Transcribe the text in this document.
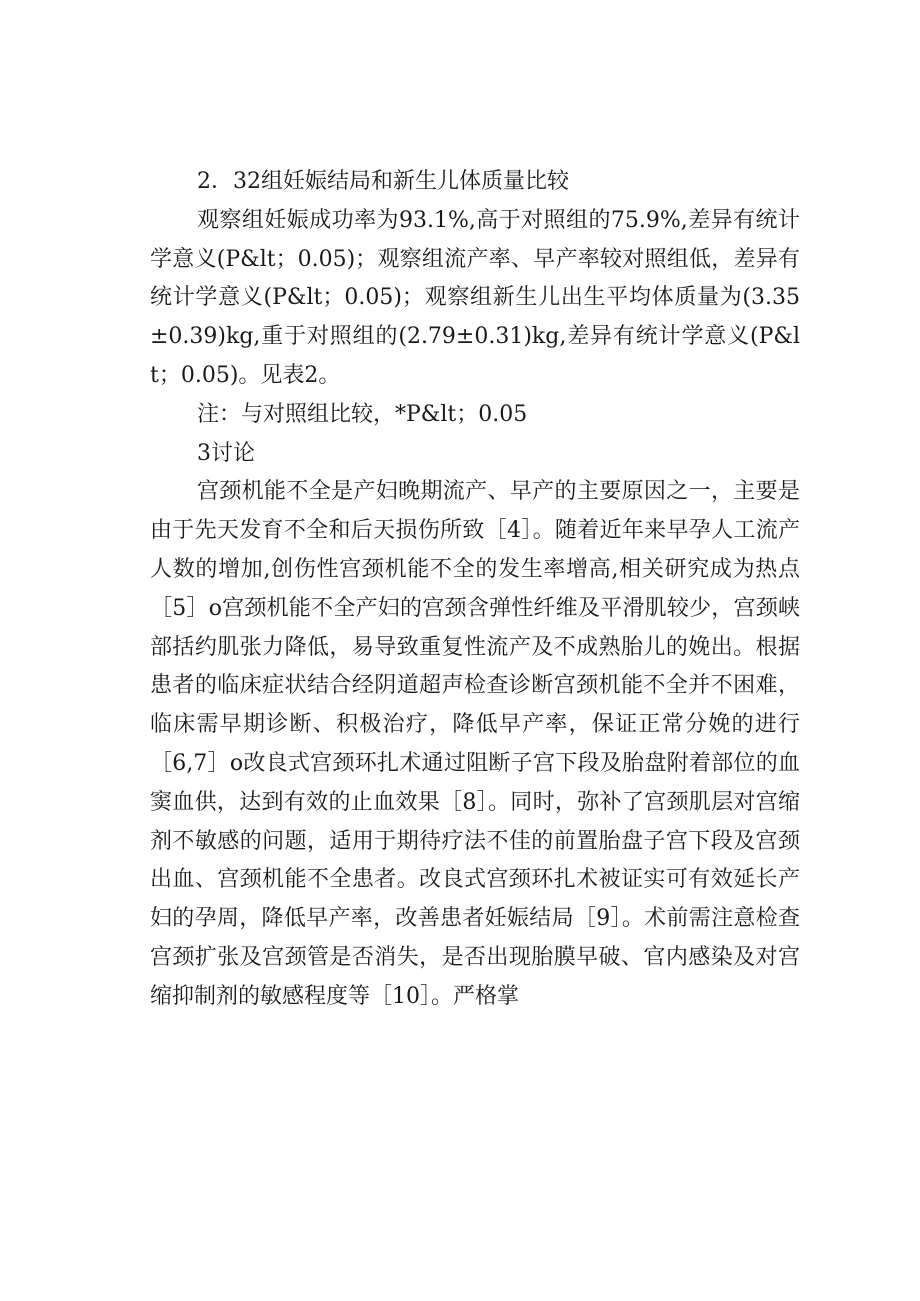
2．32组妊娠结局和新生儿体质量比较

观察组妊娠成功率为93.1%,高于对照组的75.9%,差异有统计学意义(P&lt；0.05)；观察组流产率、早产率较对照组低，差异有统计学意义(P&lt；0.05)；观察组新生儿出生平均体质量为(3.35±0.39)kg,重于对照组的(2.79±0.31)kg,差异有统计学意义(P&lt；0.05)。见表2。

注：与对照组比较，*P&lt；0.05

3讨论

宫颈机能不全是产妇晚期流产、早产的主要原因之一，主要是由于先天发育不全和后天损伤所致［4］。随着近年来早孕人工流产人数的增加,创伤性宫颈机能不全的发生率增高,相关研究成为热点［5］o宫颈机能不全产妇的宫颈含弹性纤维及平滑肌较少，宫颈峡部括约肌张力降低，易导致重复性流产及不成熟胎儿的娩出。根据患者的临床症状结合经阴道超声检查诊断宫颈机能不全并不困难，临床需早期诊断、积极治疗，降低早产率，保证正常分娩的进行［6,7］o改良式宫颈环扎术通过阻断子宫下段及胎盘附着部位的血窦血供，达到有效的止血效果［8］。同时，弥补了宫颈肌层对宫缩剂不敏感的问题，适用于期待疗法不佳的前置胎盘子宫下段及宫颈出血、宫颈机能不全患者。改良式宫颈环扎术被证实可有效延长产妇的孕周，降低早产率，改善患者妊娠结局［9］。术前需注意检查宫颈扩张及宫颈管是否消失，是否出现胎膜早破、官内感染及对宫缩抑制剂的敏感程度等［10］。严格掌
